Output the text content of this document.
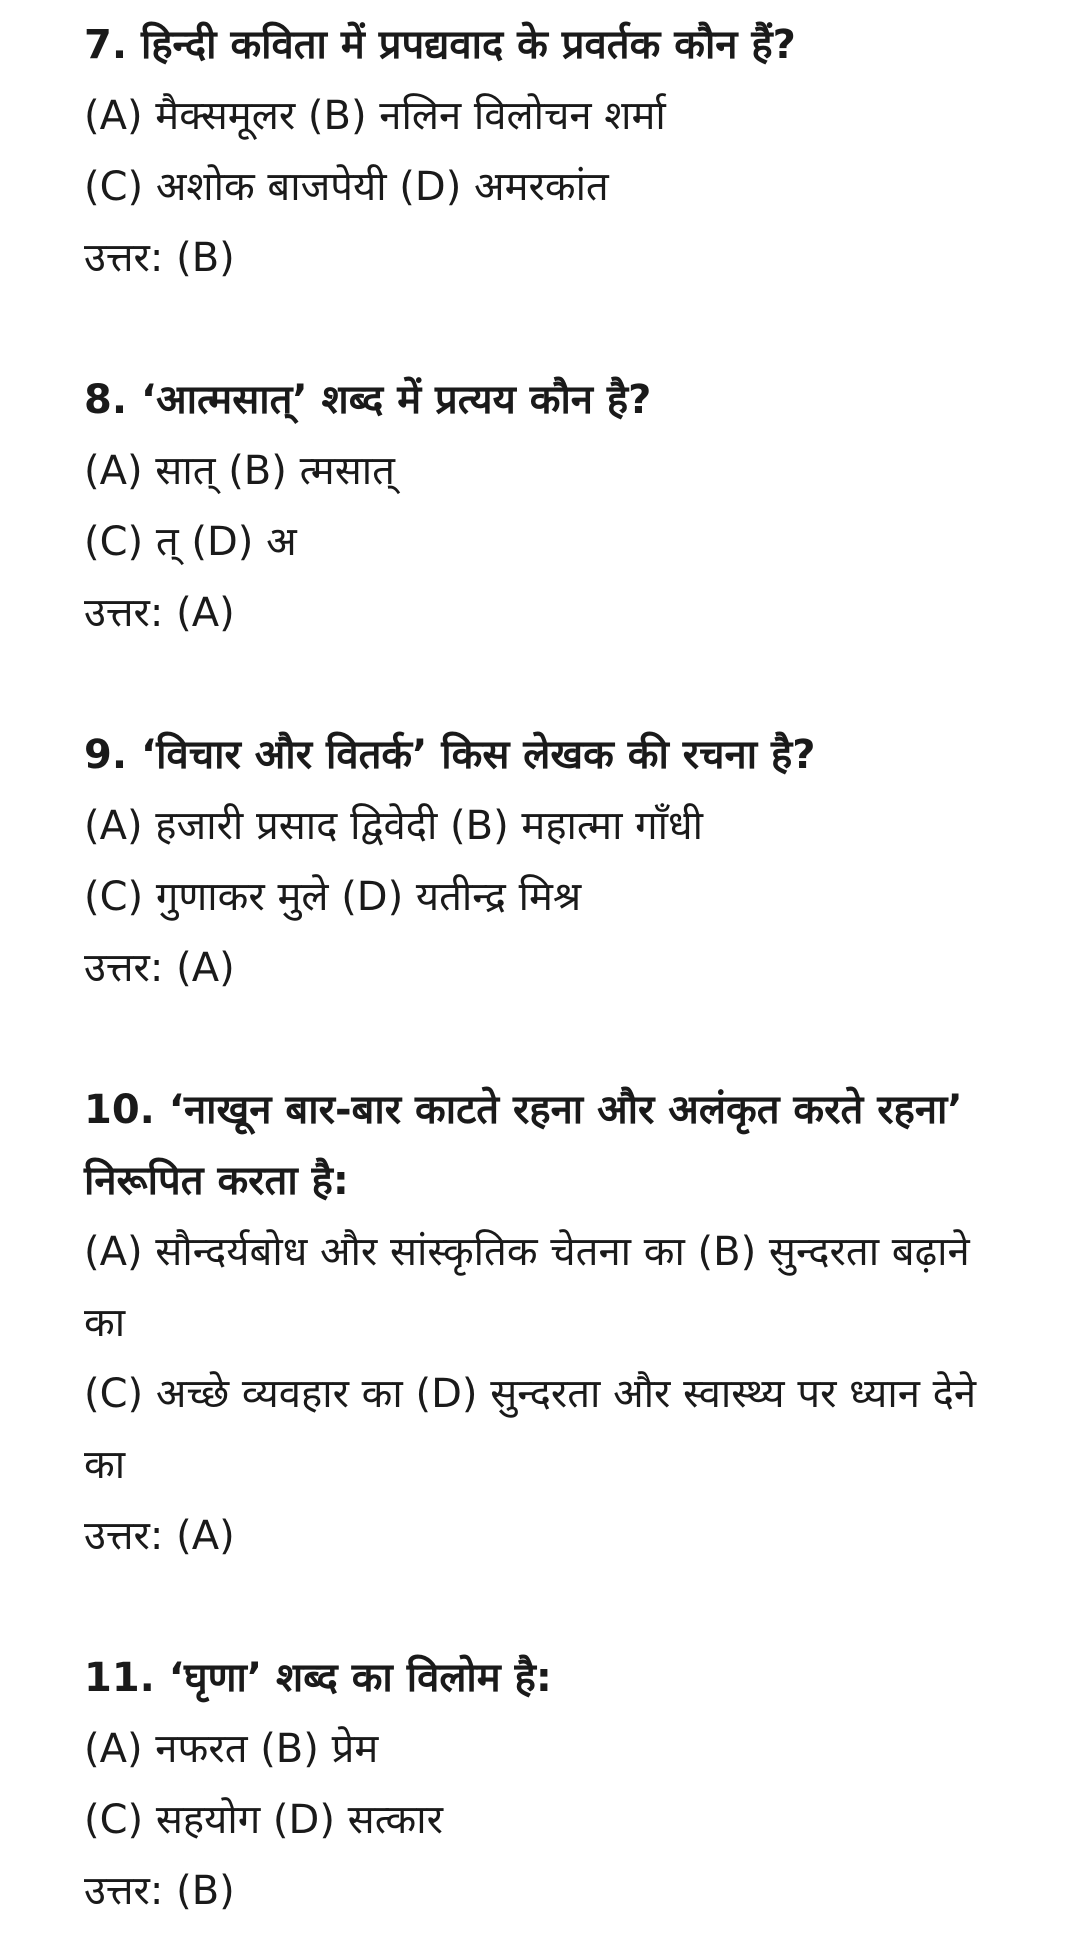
7. हिन्दी कविता में प्रपद्यवाद के प्रवर्तक कौन हैं?

(A) मैक्समूलर (B) नलिन विलोचन शर्मा

(C) अशोक बाजपेयी (D) अमरकांत

उत्तर: (B)

8. ‘आत्मसात्’ शब्द में प्रत्यय कौन है?

(A) सात् (B) त्मसात्

(C) त् (D) अ

उत्तर: (A)

9. ‘विचार और वितर्क’ किस लेखक की रचना है?

(A) हजारी प्रसाद द्विवेदी (B) महात्मा गाँधी

(C) गुणाकर मुले (D) यतीन्द्र मिश्र

उत्तर: (A)

10. ‘नाखून बार-बार काटते रहना और अलंकृत करते रहना’ निरूपित करता है:

(A) सौन्दर्यबोध और सांस्कृतिक चेतना का (B) सुन्दरता बढ़ाने का

(C) अच्छे व्यवहार का (D) सुन्दरता और स्वास्थ्य पर ध्यान देने का

उत्तर: (A)

11. ‘घृणा’ शब्द का विलोम है:

(A) नफरत (B) प्रेम

(C) सहयोग (D) सत्कार

उत्तर: (B)
